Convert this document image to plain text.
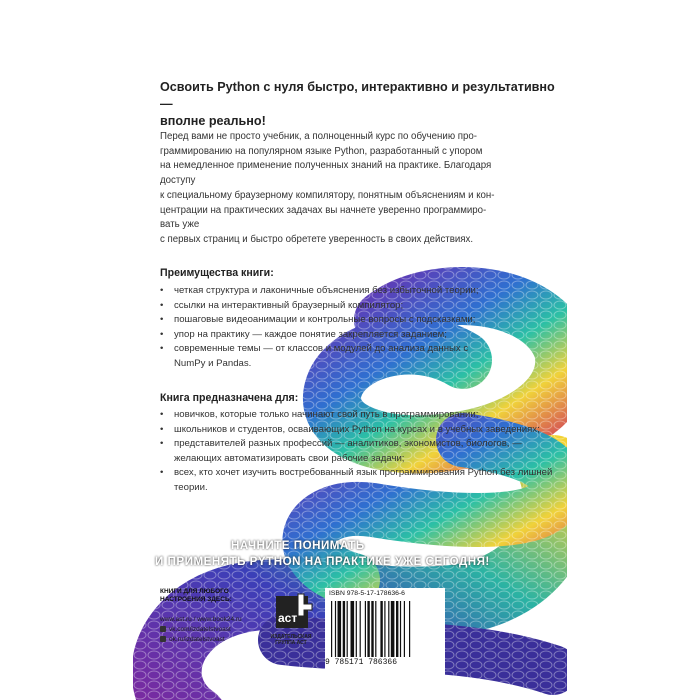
Освоить Python с нуля быстро, интерактивно и результативно —
вполне реально!

Перед вами не просто учебник, а полноценный курс по обучению про-

граммированию на популярном языке Python, разработанный с упором

на немедленное применение полученных знаний на практике. Благодаря

доступу

к специальному браузерному компилятору, понятным объяснениям и кон-

центрации на практических задачах вы начнете уверенно программиро-

вать уже

с первых страниц и быстро обретете уверенность в своих действиях.

Преимущества книги:
• четкая структура и лаконичные объяснения без избыточной теории;
• ссылки на интерактивный браузерный компилятор;
• пошаговые видеоанимации и контрольные вопросы с подсказками;
• упор на практику — каждое понятие закрепляется заданием;
• современные темы — от классов и модулей до анализа данных с NumPy и Pandas.
Книга предназначена для:
• новичков, которые только начинают свой путь в программировании;
• школьников и студентов, осваивающих Python на курсах и в учебных заведениях;
• представителей разных профессий — аналитиков, экономистов, биологов, — желающих автоматизировать свои рабочие задачи;
• всех, кто хочет изучить востребованный язык программирования Python без лишней теории.
НАЧНИТЕ ПОНИМАТЬ
И ПРИМЕНЯТЬ PYTHON НА ПРАКТИКЕ УЖЕ СЕГОДНЯ!
КНИГИ ДЛЯ ЛЮБОГО НАСТРОЕНИЯ ЗДЕСЬ:
www.ast.ru / www.book24.ru
vk.com/izdatelstvoast
ok.ru/izdatelstvoast
аст
ИЗДАТЕЛЬСКАЯ ГРУППА АСТ
ISBN 978-5-17-178636-6
9 785171 786366
